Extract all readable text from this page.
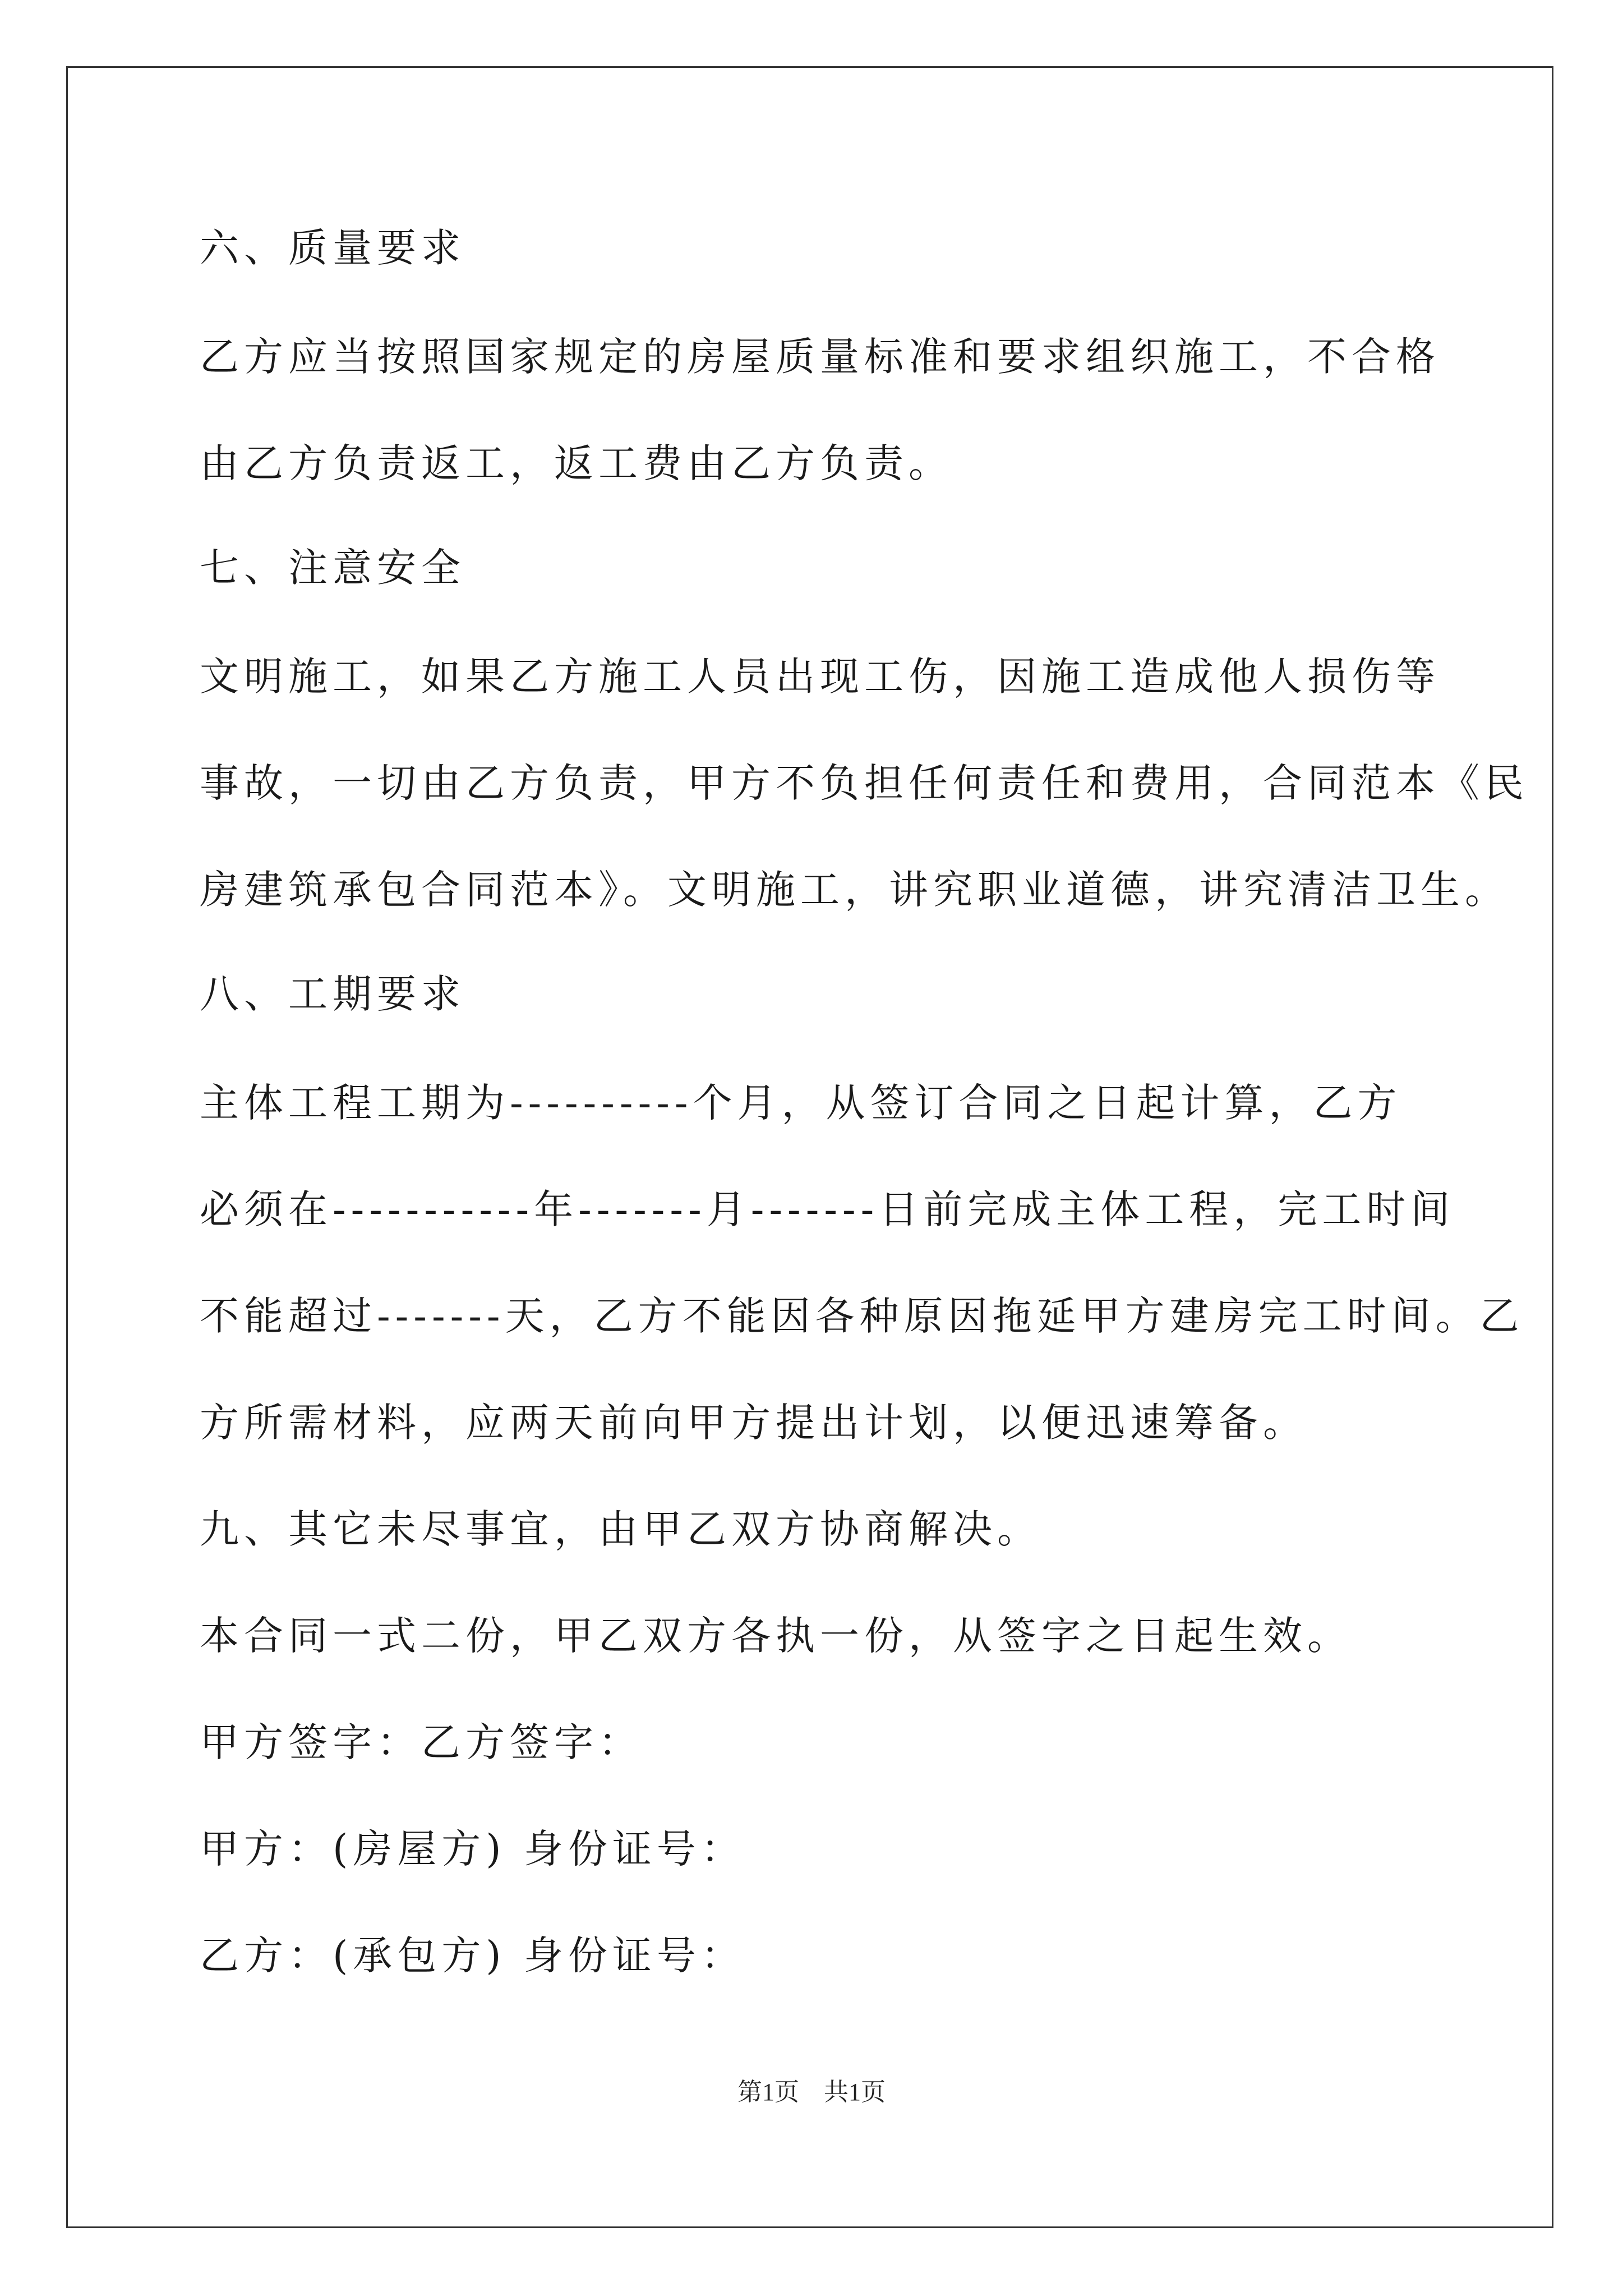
六、质量要求

乙方应当按照国家规定的房屋质量标准和要求组织施工，不合格

由乙方负责返工，返工费由乙方负责。

七、注意安全

文明施工，如果乙方施工人员出现工伤，因施工造成他人损伤等

事故，一切由乙方负责，甲方不负担任何责任和费用，合同范本《民

房建筑承包合同范本》。文明施工，讲究职业道德，讲究清洁卫生。

八、工期要求

主体工程工期为----------个月，从签订合同之日起计算，乙方

必须在-----------年-------月-------日前完成主体工程，完工时间

不能超过-------天，乙方不能因各种原因拖延甲方建房完工时间。乙

方所需材料，应两天前向甲方提出计划，以便迅速筹备。

九、其它未尽事宜，由甲乙双方协商解决。

本合同一式二份，甲乙双方各执一份，从签字之日起生效。

甲方签字：乙方签字：

甲方：(房屋方) 身份证号：

乙方：(承包方) 身份证号：

第1页 共1页
